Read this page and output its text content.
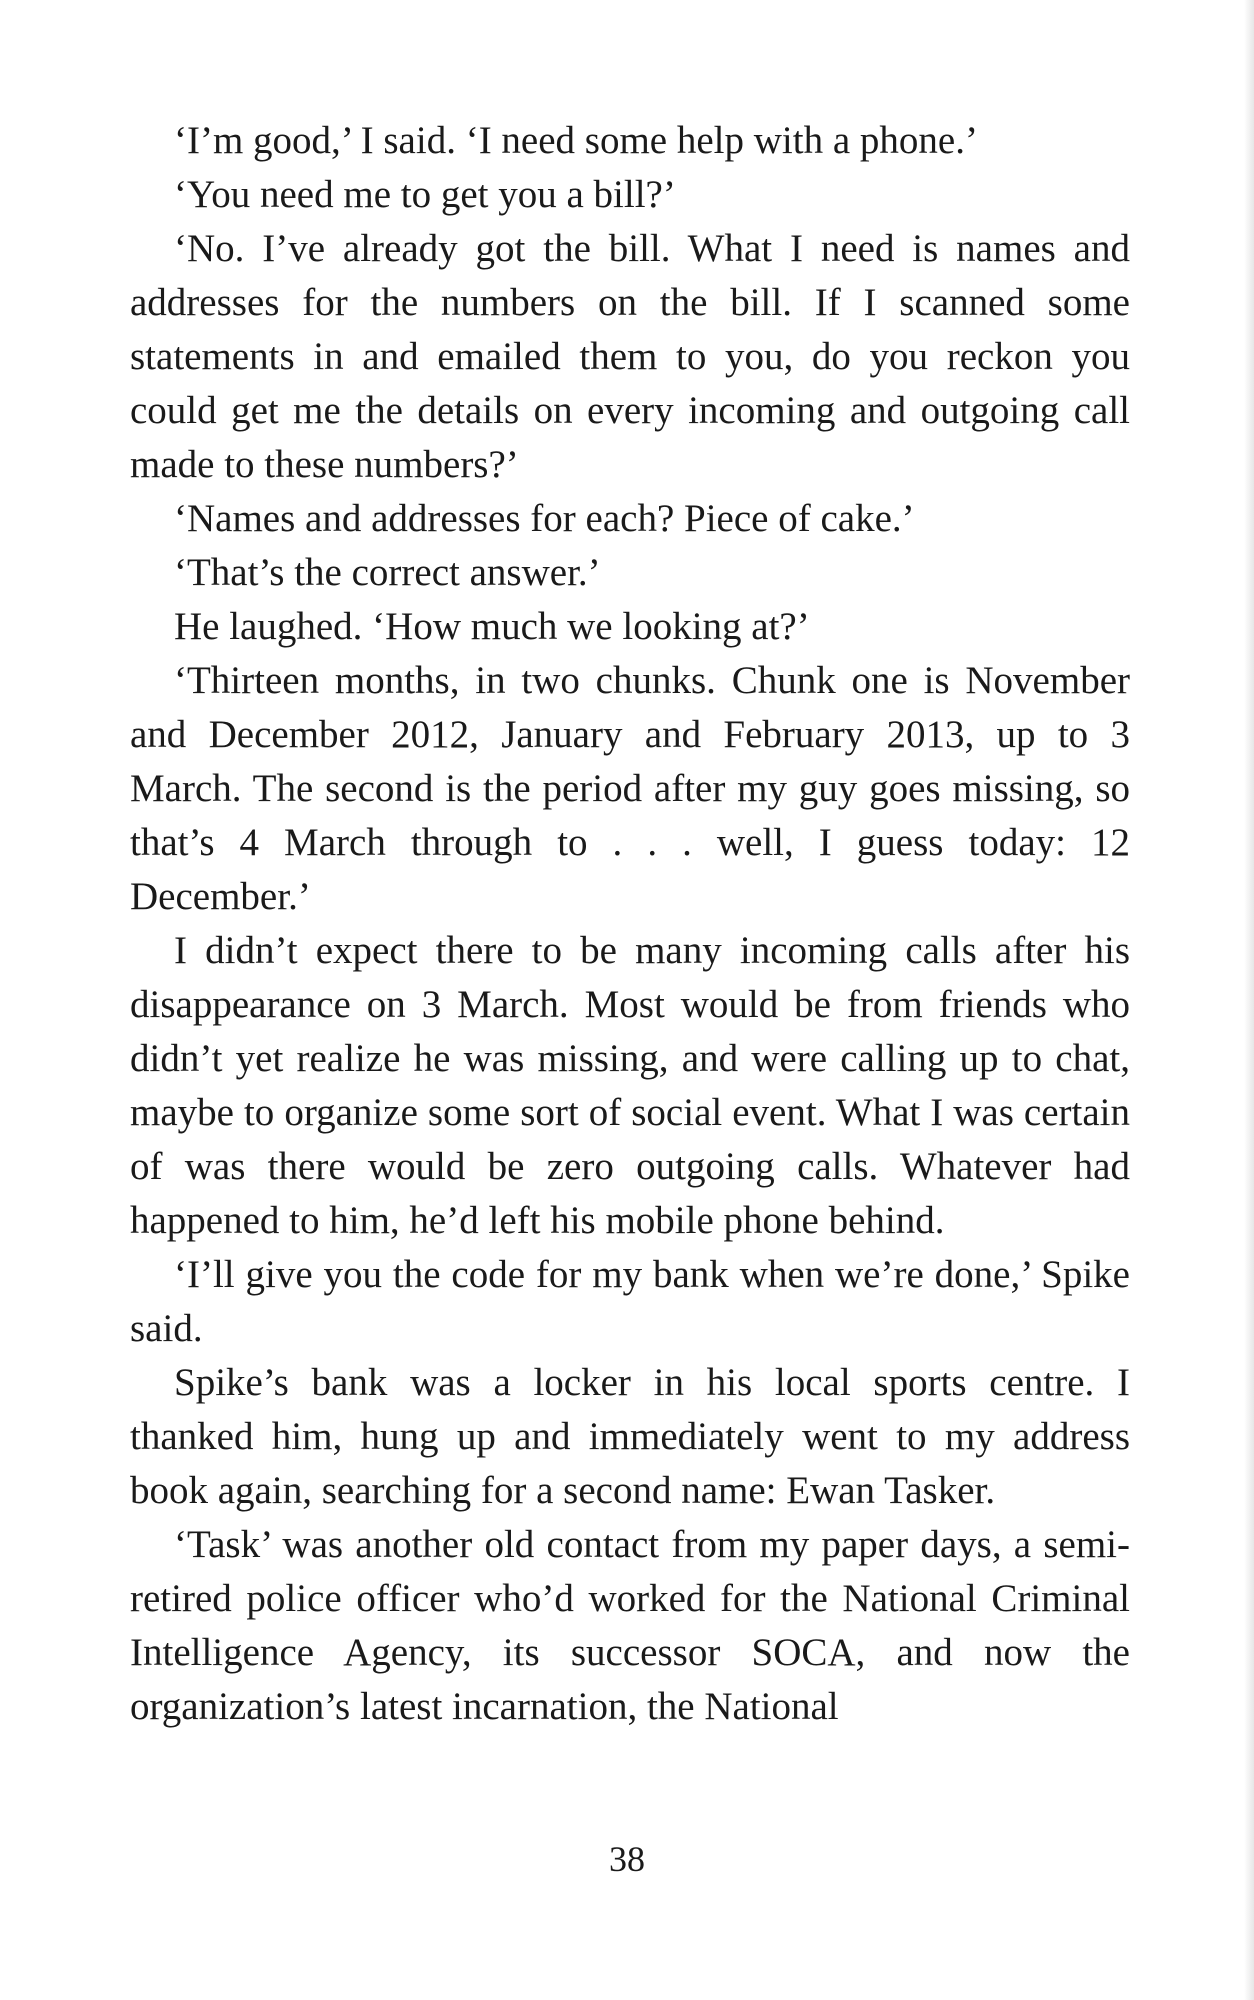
‘I’m good,’ I said. ‘I need some help with a phone.’

‘You need me to get you a bill?’

‘No. I’ve already got the bill. What I need is names and addresses for the numbers on the bill. If I scanned some statements in and emailed them to you, do you reckon you could get me the details on every incoming and outgoing call made to these numbers?’

‘Names and addresses for each? Piece of cake.’

‘That’s the correct answer.’

He laughed. ‘How much we looking at?’

‘Thirteen months, in two chunks. Chunk one is November and December 2012, January and February 2013, up to 3 March. The second is the period after my guy goes missing, so that’s 4 March through to . . . well, I guess today: 12 December.’

I didn’t expect there to be many incoming calls after his disappearance on 3 March. Most would be from friends who didn’t yet realize he was missing, and were calling up to chat, maybe to organize some sort of social event. What I was certain of was there would be zero outgoing calls. Whatever had happened to him, he’d left his mobile phone behind.

‘I’ll give you the code for my bank when we’re done,’ Spike said.

Spike’s bank was a locker in his local sports centre. I thanked him, hung up and immediately went to my address book again, searching for a second name: Ewan Tasker.

‘Task’ was another old contact from my paper days, a semi-retired police officer who’d worked for the National Criminal Intelligence Agency, its successor SOCA, and now the organization’s latest incarnation, the National

38
